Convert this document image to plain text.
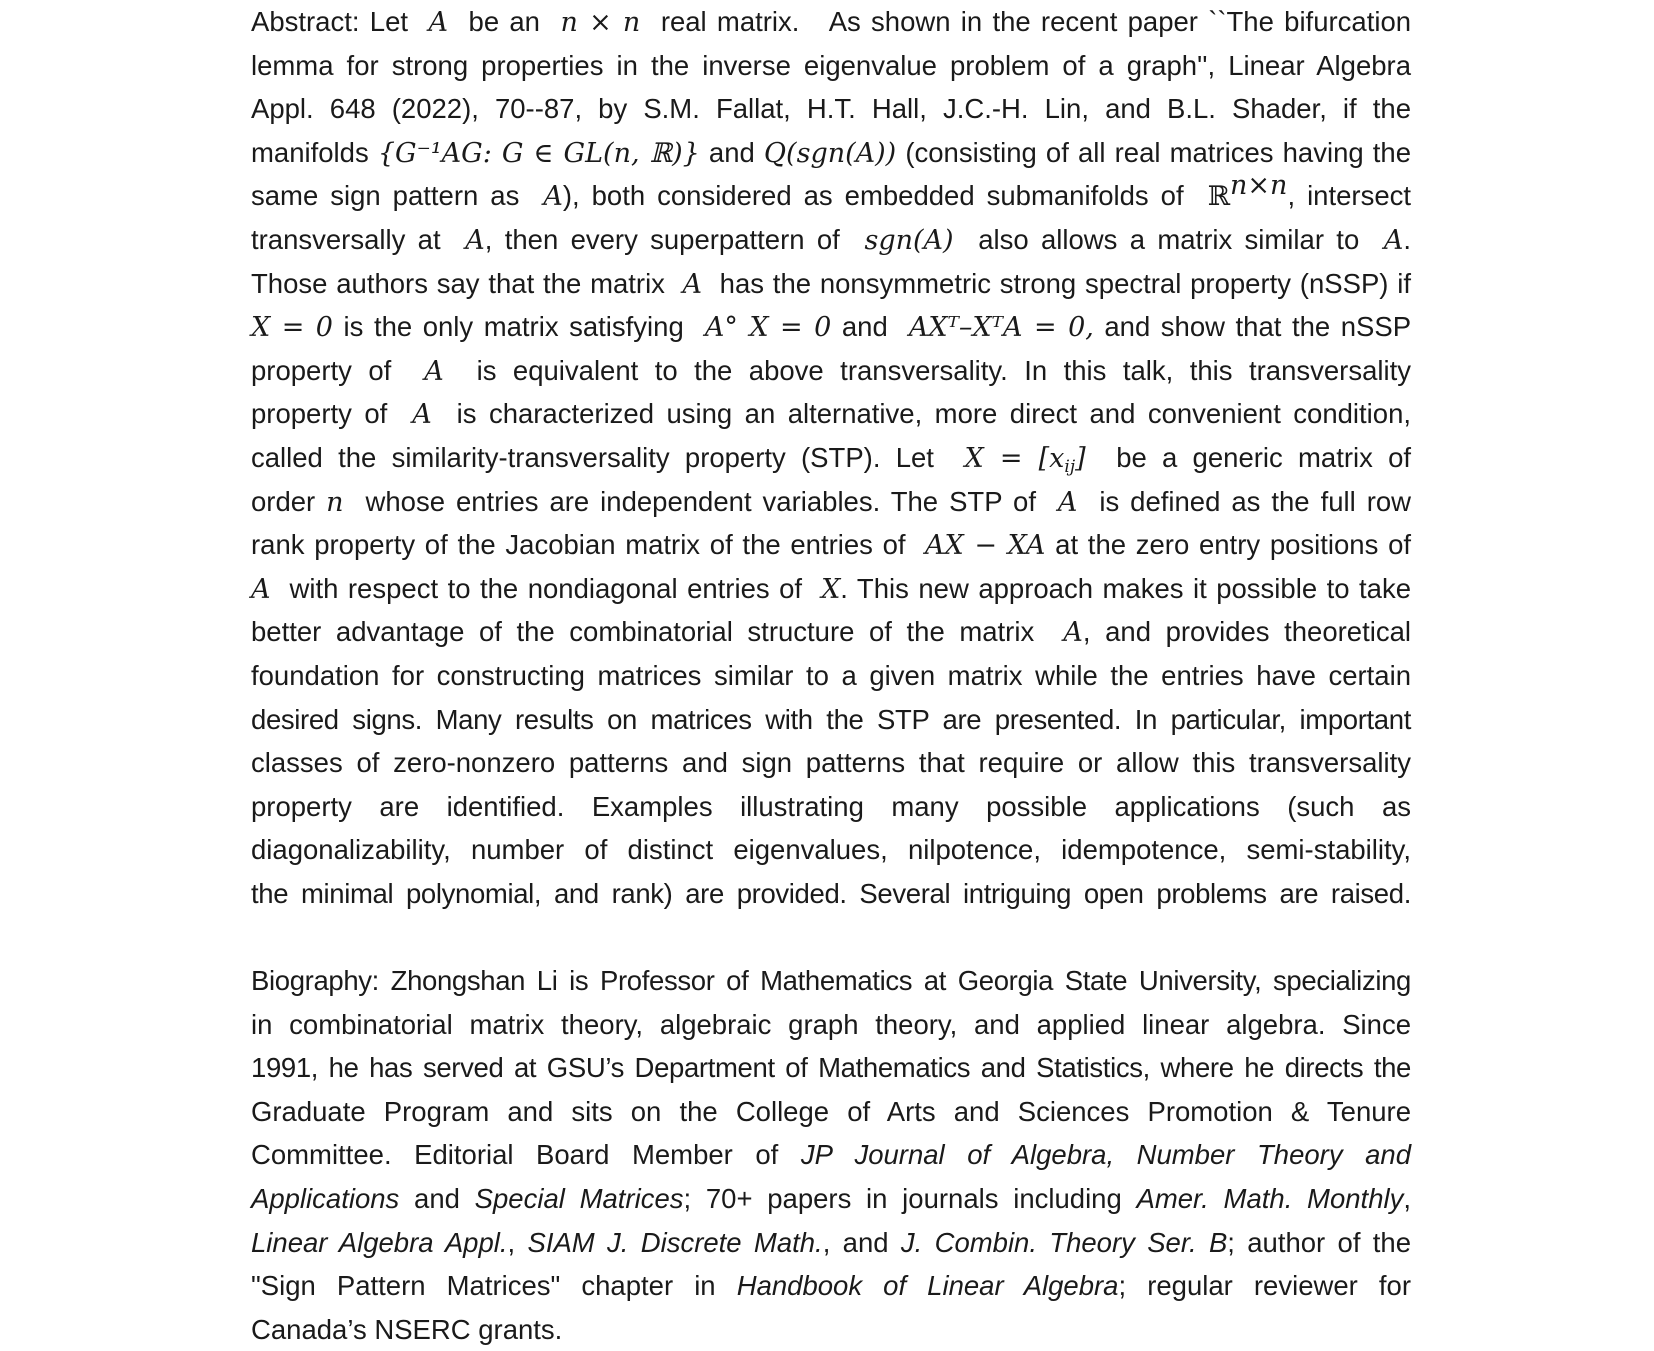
Abstract: Let A be an n × n real matrix. As shown in the recent paper ``The bifurcation
lemma for strong properties in the inverse eigenvalue problem of a graph'', Linear Algebra
Appl. 648 (2022), 70--87, by S.M. Fallat, H.T. Hall, J.C.-H. Lin, and B.L. Shader, if the
manifolds {G⁻¹AG: G ∈ GL(n, ℝ)} and Q(sgn(A)) (consisting of all real matrices having the
same sign pattern as A), both considered as embedded submanifolds of ℝ$^{n\times n}$, intersect
transversally at A, then every superpattern of sgn(A) also allows a matrix similar to A.
Those authors say that the matrix A has the nonsymmetric strong spectral property (nSSP) if
X = 0 is the only matrix satisfying A° X = 0 and AXᵀ–XᵀA = 0, and show that the nSSP
property of A is equivalent to the above transversality. In this talk, this transversality
property of A is characterized using an alternative, more direct and convenient condition,
called the similarity-transversality property (STP). Let $X = [x_{ij}]$ be a generic matrix of
order n whose entries are independent variables. The STP of A is defined as the full row
rank property of the Jacobian matrix of the entries of AX − XA at the zero entry positions of
A with respect to the nondiagonal entries of X. This new approach makes it possible to take
better advantage of the combinatorial structure of the matrix A, and provides theoretical
foundation for constructing matrices similar to a given matrix while the entries have certain
desired signs. Many results on matrices with the STP are presented. In particular, important
classes of zero-nonzero patterns and sign patterns that require or allow this transversality
property are identified. Examples illustrating many possible applications (such as
diagonalizability, number of distinct eigenvalues, nilpotence, idempotence, semi-stability,
the minimal polynomial, and rank) are provided. Several intriguing open problems are raised.
Biography: Zhongshan Li is Professor of Mathematics at Georgia State University, specializing
in combinatorial matrix theory, algebraic graph theory, and applied linear algebra. Since
1991, he has served at GSU’s Department of Mathematics and Statistics, where he directs the
Graduate Program and sits on the College of Arts and Sciences Promotion & Tenure
Committee. Editorial Board Member of JP Journal of Algebra, Number Theory and
Applications and Special Matrices; 70+ papers in journals including Amer. Math. Monthly,
Linear Algebra Appl., SIAM J. Discrete Math., and J. Combin. Theory Ser. B; author of the
"Sign Pattern Matrices" chapter in Handbook of Linear Algebra; regular reviewer for
Canada’s NSERC grants.
